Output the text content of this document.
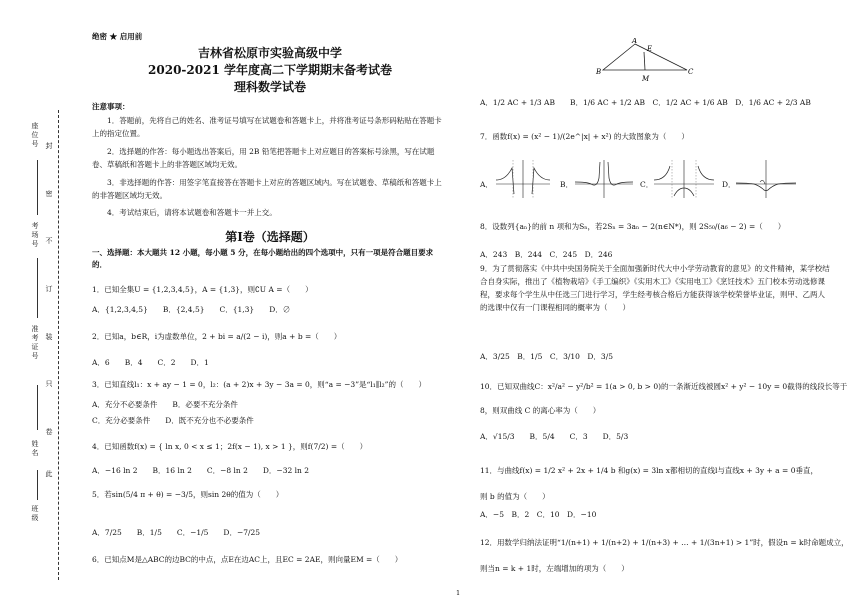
班级
姓名
准考证号
考场号
座位号
此
卷
只
装
订
不
密
封
绝密 ★ 启用前
吉林省松原市实验高级中学
2020-2021 学年度高二下学期期末备考试卷
理科数学试卷
注意事项：
1．答题前，先将自己的姓名、准考证号填写在试题卷和答题卡上，并将准考证号条形码粘贴在答题卡上的指定位置。
2．选择题的作答：每小题选出答案后，用 2B 铅笔把答题卡上对应题目的答案标号涂黑，写在试题卷、草稿纸和答题卡上的非答题区域均无效。
3．非选择题的作答：用签字笔直接答在答题卡上对应的答题区域内。写在试题卷、草稿纸和答题卡上的非答题区域均无效。
4．考试结束后，请将本试题卷和答题卡一并上交。
第Ⅰ卷（选择题）
一、选择题：本大题共 12 小题，每小题 5 分，在每小题给出的四个选项中，只有一项是符合题目要求的．
1．已知全集U = {1,2,3,4,5}，A = {1,3}，则∁U A =（　　）
A．{1,2,3,4,5}　　B．{2,4,5}　　C．{1,3}　　D．∅
2．已知a，b∈R，i为虚数单位，2 + bi = a/(2 − i)，则a + b =（　　）
A．6　　B．4　　C．2　　D．1
3．已知直线l₁：x + ay − 1 = 0，l₂：(a + 2)x + 3y − 3a = 0，则“a = −3”是“l₁∥l₂”的（　　）
A．充分不必要条件　　B．必要不充分条件
C．充分必要条件　　D．既不充分也不必要条件
4．已知函数f(x) = { ln x, 0 < x ≤ 1；2f(x − 1), x > 1 }，则f(7/2) =（　　）
A．−16 ln 2　　B．16 ln 2　　C．−8 ln 2　　D．−32 ln 2
5．若sin(5/4 π + θ) = −3/5，则sin 2θ的值为（　　）
A．7/25　　B．1/5　　C．−1/5　　D．−7/25
6．已知点M是△ABC的边BC的中点，点E在边AC上，且EC = 2AE，则向量EM =（　　）
A
B	C
E
M
A．1/2 AC + 1/3 AB　　B．1/6 AC + 1/2 AB　C．1/2 AC + 1/6 AB　D．1/6 AC + 2/3 AB
7．函数f(x) = (x² − 1)/(2e^|x| + x²) 的大致图象为（　　）
A．	B．	C．	D．
8．设数列{aₙ}的前 n 项和为Sₙ，若2Sₙ = 3aₙ − 2(n∈N*)，则 2S₅₀/(a₆ − 2) =（　　）
A．243　B．244　C．245　D．246
9．为了贯彻落实《中共中央国务院关于全面加强新时代大中小学劳动教育的意见》的文件精神，某学校结合自身实际，推出了《植物栽培》《手工编织》《实用木工》《实用电工》《烹饪技术》五门校本劳动选修课程，要求每个学生从中任选三门进行学习，学生经考核合格后方能获得该学校荣誉毕业证，则甲、乙两人的选课中仅有一门课程相同的概率为（　　）
A．3/25　B．1/5　C．3/10　D．3/5
10．已知双曲线C：x²/a² − y²/b² = 1(a > 0, b > 0)的一条渐近线被圆x² + y² − 10y = 0截得的线段长等于
8，则双曲线 C 的离心率为（　　）
A．√15/3　　B．5/4　　C．3　　D．5/3
11．与曲线f(x) = 1/2 x² + 2x + 1/4 b 和g(x) = 3ln x都相切的直线l与直线x + 3y + a = 0垂直，
则 b 的值为（　　）
A．−5　B．2　C．10　D．−10
12．用数学归纳法证明“1/(n+1) + 1/(n+2) + 1/(n+3) + … + 1/(3n+1) > 1”时，假设n = k时命题成立，
则当n = k + 1时，左端增加的项为（　　）
1
